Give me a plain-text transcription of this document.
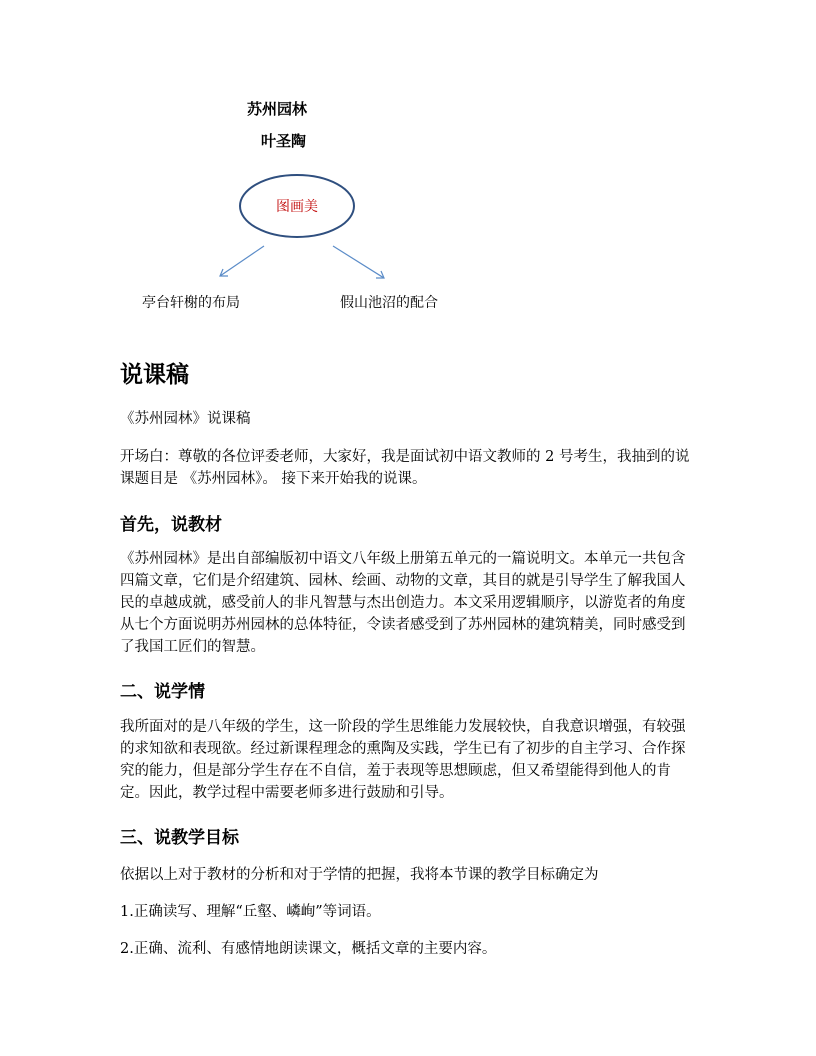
苏州园林
叶圣陶
图画美
亭台轩榭的布局	假山池沼的配合
说课稿
《苏州园林》说课稿
开场白：尊敬的各位评委老师，大家好，我是面试初中语文教师的 2 号考生，我抽到的说课题目是 《苏州园林》。 接下来开始我的说课。
首先，说教材
《苏州园林》是出自部编版初中语文八年级上册第五单元的一篇说明文。本单元一共包含四篇文章，它们是介绍建筑、园林、绘画、动物的文章，其目的就是引导学生了解我国人民的卓越成就，感受前人的非凡智慧与杰出创造力。本文采用逻辑顺序，以游览者的角度从七个方面说明苏州园林的总体特征，令读者感受到了苏州园林的建筑精美，同时感受到了我国工匠们的智慧。
二、说学情
我所面对的是八年级的学生，这一阶段的学生思维能力发展较快，自我意识增强，有较强的求知欲和表现欲。经过新课程理念的熏陶及实践，学生已有了初步的自主学习、合作探究的能力，但是部分学生存在不自信，羞于表现等思想顾虑，但又希望能得到他人的肯定。因此，教学过程中需要老师多进行鼓励和引导。
三、说教学目标
依据以上对于教材的分析和对于学情的把握，我将本节课的教学目标确定为
1.正确读写、理解“丘壑、嶙峋”等词语。
2.正确、流利、有感情地朗读课文，概括文章的主要内容。
